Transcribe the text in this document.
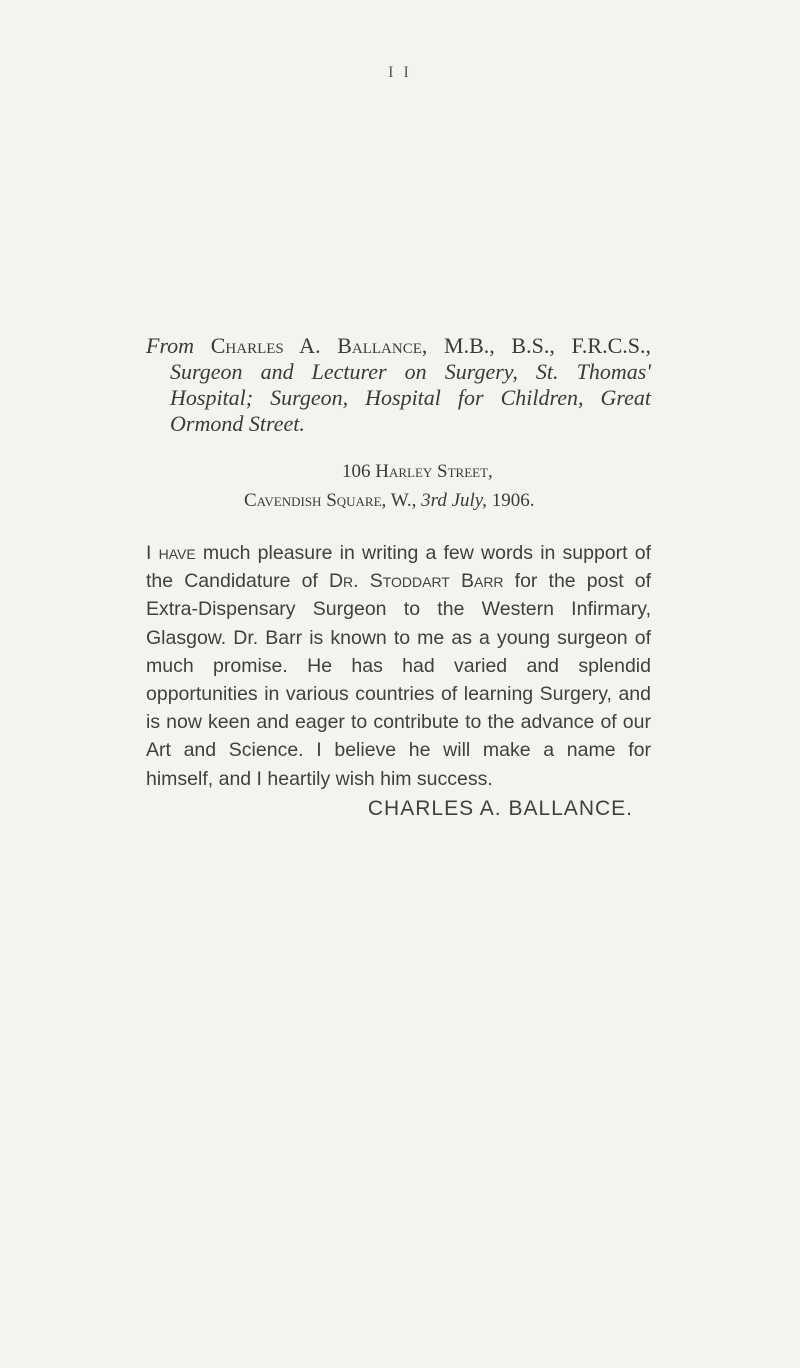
I I
From Charles A. Ballance, M.B., B.S., F.R.C.S.,
Surgeon and Lecturer on Surgery, St. Thomas'
Hospital; Surgeon, Hospital for Children, Great
Ormond Street.
106 Harley Street,
Cavendish Square, W., 3rd July, 1906.
I have much pleasure in writing a few words in support of the Candidature of Dr. Stoddart Barr for the post of Extra-Dispensary Surgeon to the Western Infirmary, Glasgow. Dr. Barr is known to me as a young surgeon of much promise. He has had varied and splendid opportunities in various countries of learning Surgery, and is now keen and eager to contribute to the advance of our Art and Science. I believe he will make a name for himself, and I heartily wish him success.
CHARLES A. BALLANCE.
